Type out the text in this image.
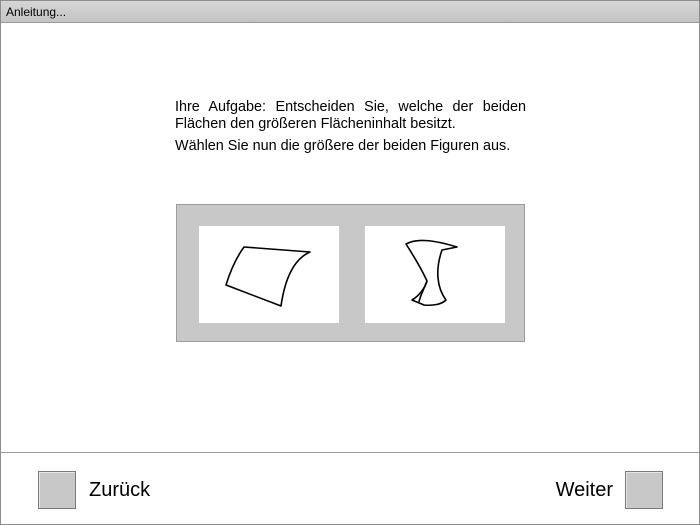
Anleitung...

Ihre Aufgabe: Entscheiden Sie, welche der beiden Flächen den größeren Flächeninhalt besitzt.

Wählen Sie nun die größere der beiden Figuren aus.

Zurück	Weiter
